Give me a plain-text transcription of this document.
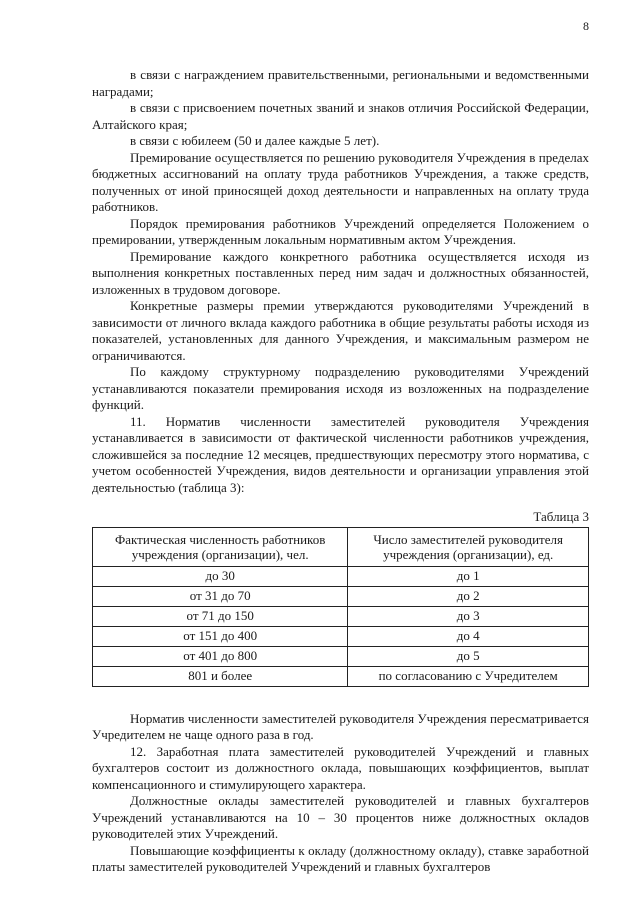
8

в связи с награждением правительственными, региональными и ведомственными наградами;

в связи с присвоением почетных званий и знаков отличия Российской Федерации, Алтайского края;

в связи с юбилеем (50 и далее каждые 5 лет).

Премирование осуществляется по решению руководителя Учреждения в пределах бюджетных ассигнований на оплату труда работников Учреждения, а также средств, полученных от иной приносящей доход деятельности и направленных на оплату труда работников.

Порядок премирования работников Учреждений определяется Положением о премировании, утвержденным локальным нормативным актом Учреждения.

Премирование каждого конкретного работника осуществляется исходя из выполнения конкретных поставленных перед ним задач и должностных обязанностей, изложенных в трудовом договоре.

Конкретные размеры премии утверждаются руководителями Учреждений в зависимости от личного вклада каждого работника в общие результаты работы исходя из показателей, установленных для данного Учреждения, и максимальным размером не ограничиваются.

По каждому структурному подразделению руководителями Учреждений устанавливаются показатели премирования исходя из возложенных на подразделение функций.

11. Норматив численности заместителей руководителя Учреждения устанавливается в зависимости от фактической численности работников учреждения, сложившейся за последние 12 месяцев, предшествующих пересмотру этого норматива, с учетом особенностей Учреждения, видов деятельности и организации управления этой деятельностью (таблица 3):

Таблица 3
Фактическая численность работников учреждения (организации), чел.	Число заместителей руководителя учреждения (организации), ед.
до 30	до 1
от 31 до 70	до 2
от 71 до 150	до 3
от 151 до 400	до 4
от 401 до 800	до 5
801 и более	по согласованию с Учредителем

Норматив численности заместителей руководителя Учреждения пересматривается Учредителем не чаще одного раза в год.

12. Заработная плата заместителей руководителей Учреждений и главных бухгалтеров состоит из должностного оклада, повышающих коэффициентов, выплат компенсационного и стимулирующего характера.

Должностные оклады заместителей руководителей и главных бухгалтеров Учреждений устанавливаются на 10 – 30 процентов ниже должностных окладов руководителей этих Учреждений.

Повышающие коэффициенты к окладу (должностному окладу), ставке заработной платы заместителей руководителей Учреждений и главных бухгалтеров
